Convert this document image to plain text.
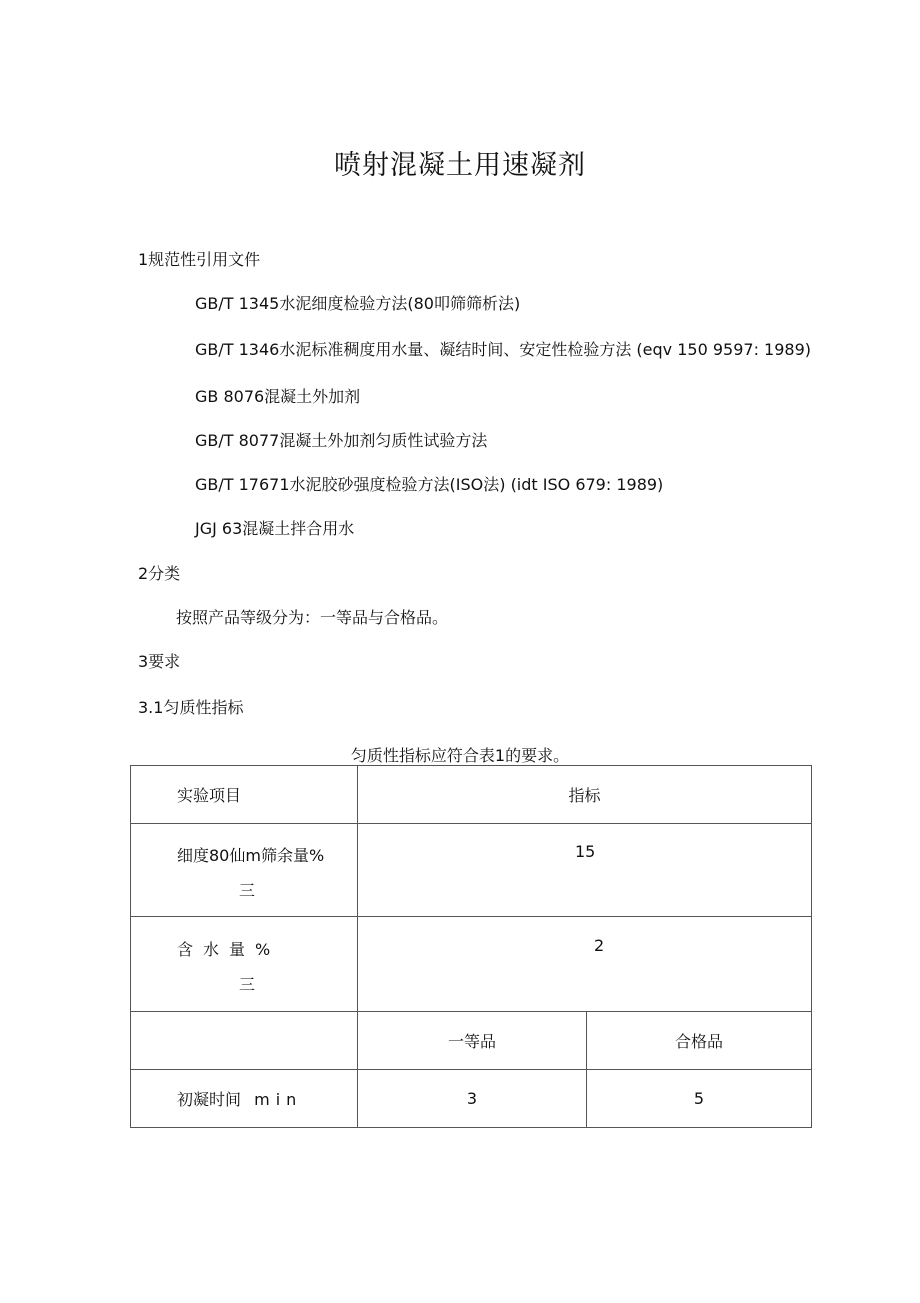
喷射混凝土用速凝剂
1规范性引用文件
GB/T 1345水泥细度检验方法(80叩筛筛析法)
GB/T 1346水泥标准稠度用水量、凝结时间、安定性检验方法 (eqv 150 9597: 1989)
GB 8076混凝土外加剂
GB/T 8077混凝土外加剂匀质性试验方法
GB/T 17671水泥胶砂强度检验方法(ISO法) (idt ISO 679: 1989)
JGJ 63混凝土拌合用水
2分类
按照产品等级分为：一等品与合格品。
3要求
3.1匀质性指标
匀质性指标应符合表1的要求。
实验项目	指标	

细度80仙m筛余量%
三	15	

含水量%
三	2	

	一等品	合格品
初凝时间 min	3	5
